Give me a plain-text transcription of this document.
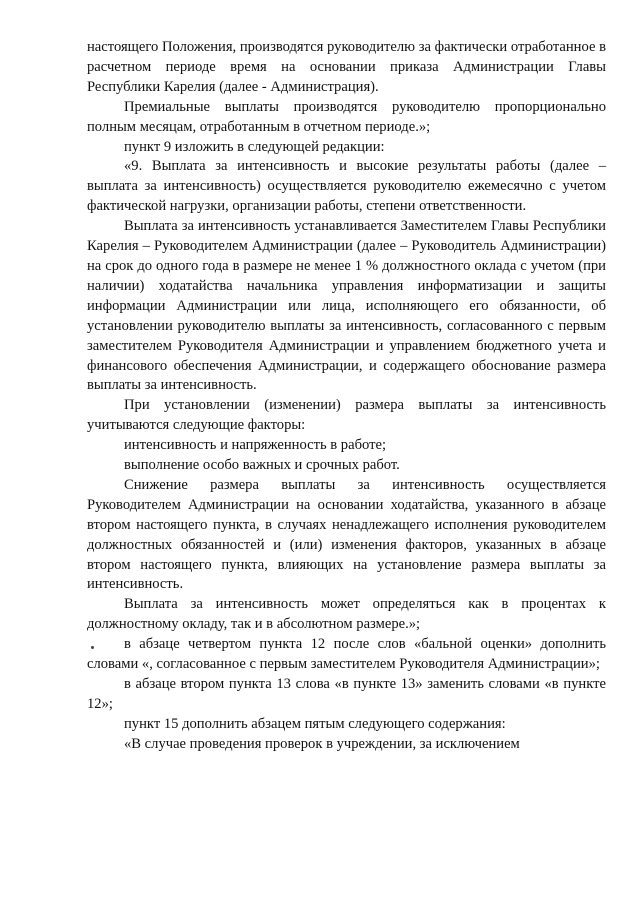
настоящего Положения, производятся руководителю за фактически отработанное в расчетном периоде время на основании приказа Администрации Главы Республики Карелия (далее - Администрация).

Премиальные выплаты производятся руководителю пропорционально полным месяцам, отработанным в отчетном периоде.»;

пункт 9 изложить в следующей редакции:

«9. Выплата за интенсивность и высокие результаты работы (далее – выплата за интенсивность) осуществляется руководителю ежемесячно с учетом фактической нагрузки, организации работы, степени ответственности.

Выплата за интенсивность устанавливается Заместителем Главы Республики Карелия – Руководителем Администрации (далее – Руководитель Администрации) на срок до одного года в размере не менее 1 % должностного оклада с учетом (при наличии) ходатайства начальника управления информатизации и защиты информации Администрации или лица, исполняющего его обязанности, об установлении руководителю выплаты за интенсивность, согласованного с первым заместителем Руководителя Администрации и управлением бюджетного учета и финансового обеспечения Администрации, и содержащего обоснование размера выплаты за интенсивность.

При установлении (изменении) размера выплаты за интенсивность учитываются следующие факторы:

интенсивность и напряженность в работе;

выполнение особо важных и срочных работ.

Снижение размера выплаты за интенсивность осуществляется Руководителем Администрации на основании ходатайства, указанного в абзаце втором настоящего пункта, в случаях ненадлежащего исполнения руководителем должностных обязанностей и (или) изменения факторов, указанных в абзаце втором настоящего пункта, влияющих на установление размера выплаты за интенсивность.

Выплата за интенсивность может определяться как в процентах к должностному окладу, так и в абсолютном размере.»;

в абзаце четвертом пункта 12 после слов «бальной оценки» дополнить словами «, согласованное с первым заместителем Руководителя Администрации»;

в абзаце втором пункта 13 слова «в пункте 13» заменить словами «в пункте 12»;

пункт 15 дополнить абзацем пятым следующего содержания:

«В случае проведения проверок в учреждении, за исключением
